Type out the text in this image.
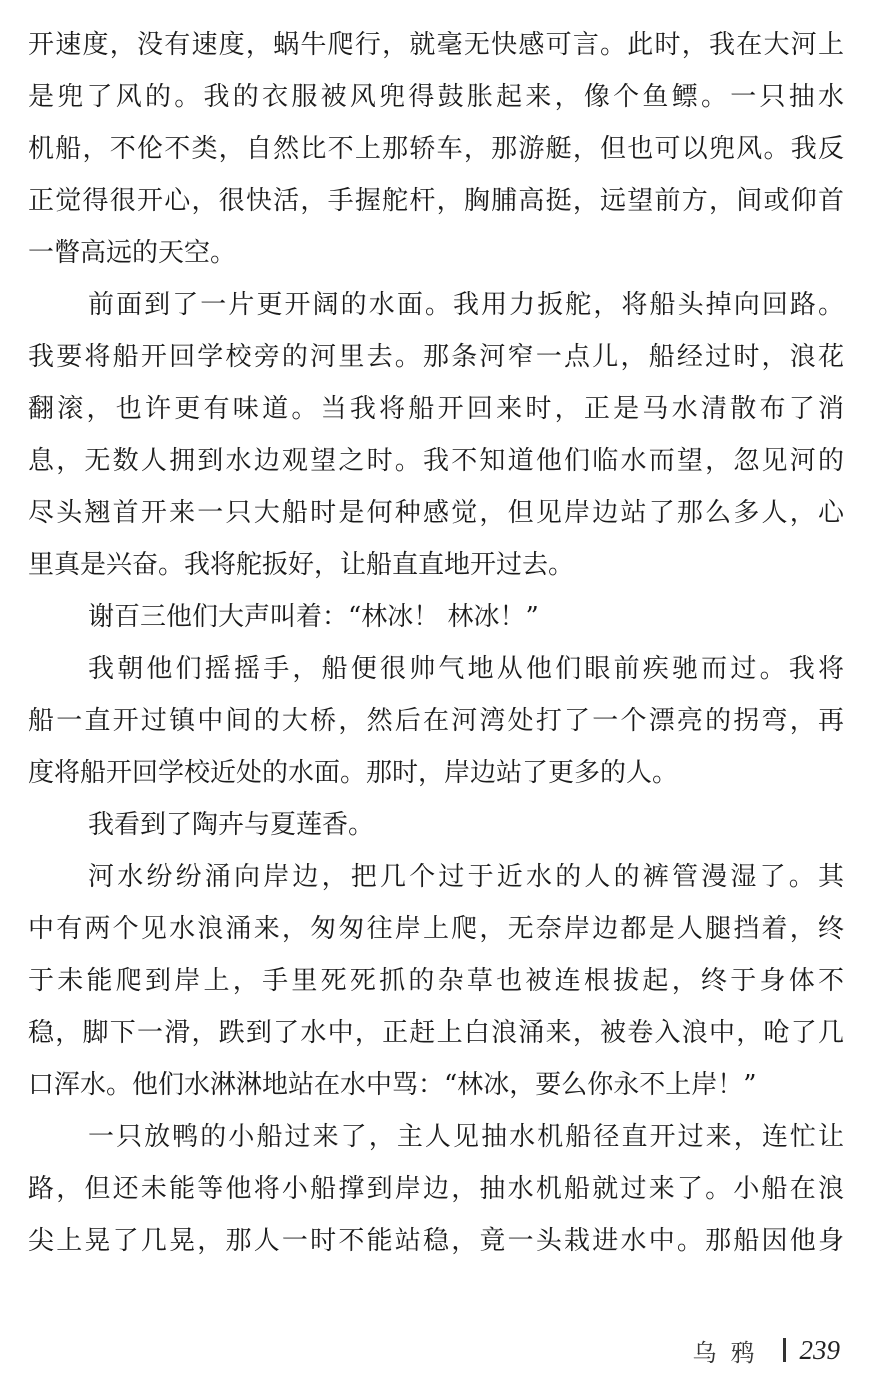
开速度，没有速度，蜗牛爬行，就毫无快感可言。此时，我在大河上
是兜了风的。我的衣服被风兜得鼓胀起来，像个鱼鳔。一只抽水
机船，不伦不类，自然比不上那轿车，那游艇，但也可以兜风。我反
正觉得很开心，很快活，手握舵杆，胸脯高挺，远望前方，间或仰首
一瞥高远的天空。
前面到了一片更开阔的水面。我用力扳舵，将船头掉向回路。
我要将船开回学校旁的河里去。那条河窄一点儿，船经过时，浪花
翻滚，也许更有味道。当我将船开回来时，正是马水清散布了消
息，无数人拥到水边观望之时。我不知道他们临水而望，忽见河的
尽头翘首开来一只大船时是何种感觉，但见岸边站了那么多人，心
里真是兴奋。我将舵扳好，让船直直地开过去。
谢百三他们大声叫着：“林冰！ 林冰！”
我朝他们摇摇手，船便很帅气地从他们眼前疾驰而过。我将
船一直开过镇中间的大桥，然后在河湾处打了一个漂亮的拐弯，再
度将船开回学校近处的水面。那时，岸边站了更多的人。
我看到了陶卉与夏莲香。
河水纷纷涌向岸边，把几个过于近水的人的裤管漫湿了。其
中有两个见水浪涌来，匆匆往岸上爬，无奈岸边都是人腿挡着，终
于未能爬到岸上，手里死死抓的杂草也被连根拔起，终于身体不
稳，脚下一滑，跌到了水中，正赶上白浪涌来，被卷入浪中，呛了几
口浑水。他们水淋淋地站在水中骂：“林冰，要么你永不上岸！”
一只放鸭的小船过来了，主人见抽水机船径直开过来，连忙让
路，但还未能等他将小船撑到岸边，抽水机船就过来了。小船在浪
尖上晃了几晃，那人一时不能站稳，竟一头栽进水中。那船因他身
乌鸦 239
